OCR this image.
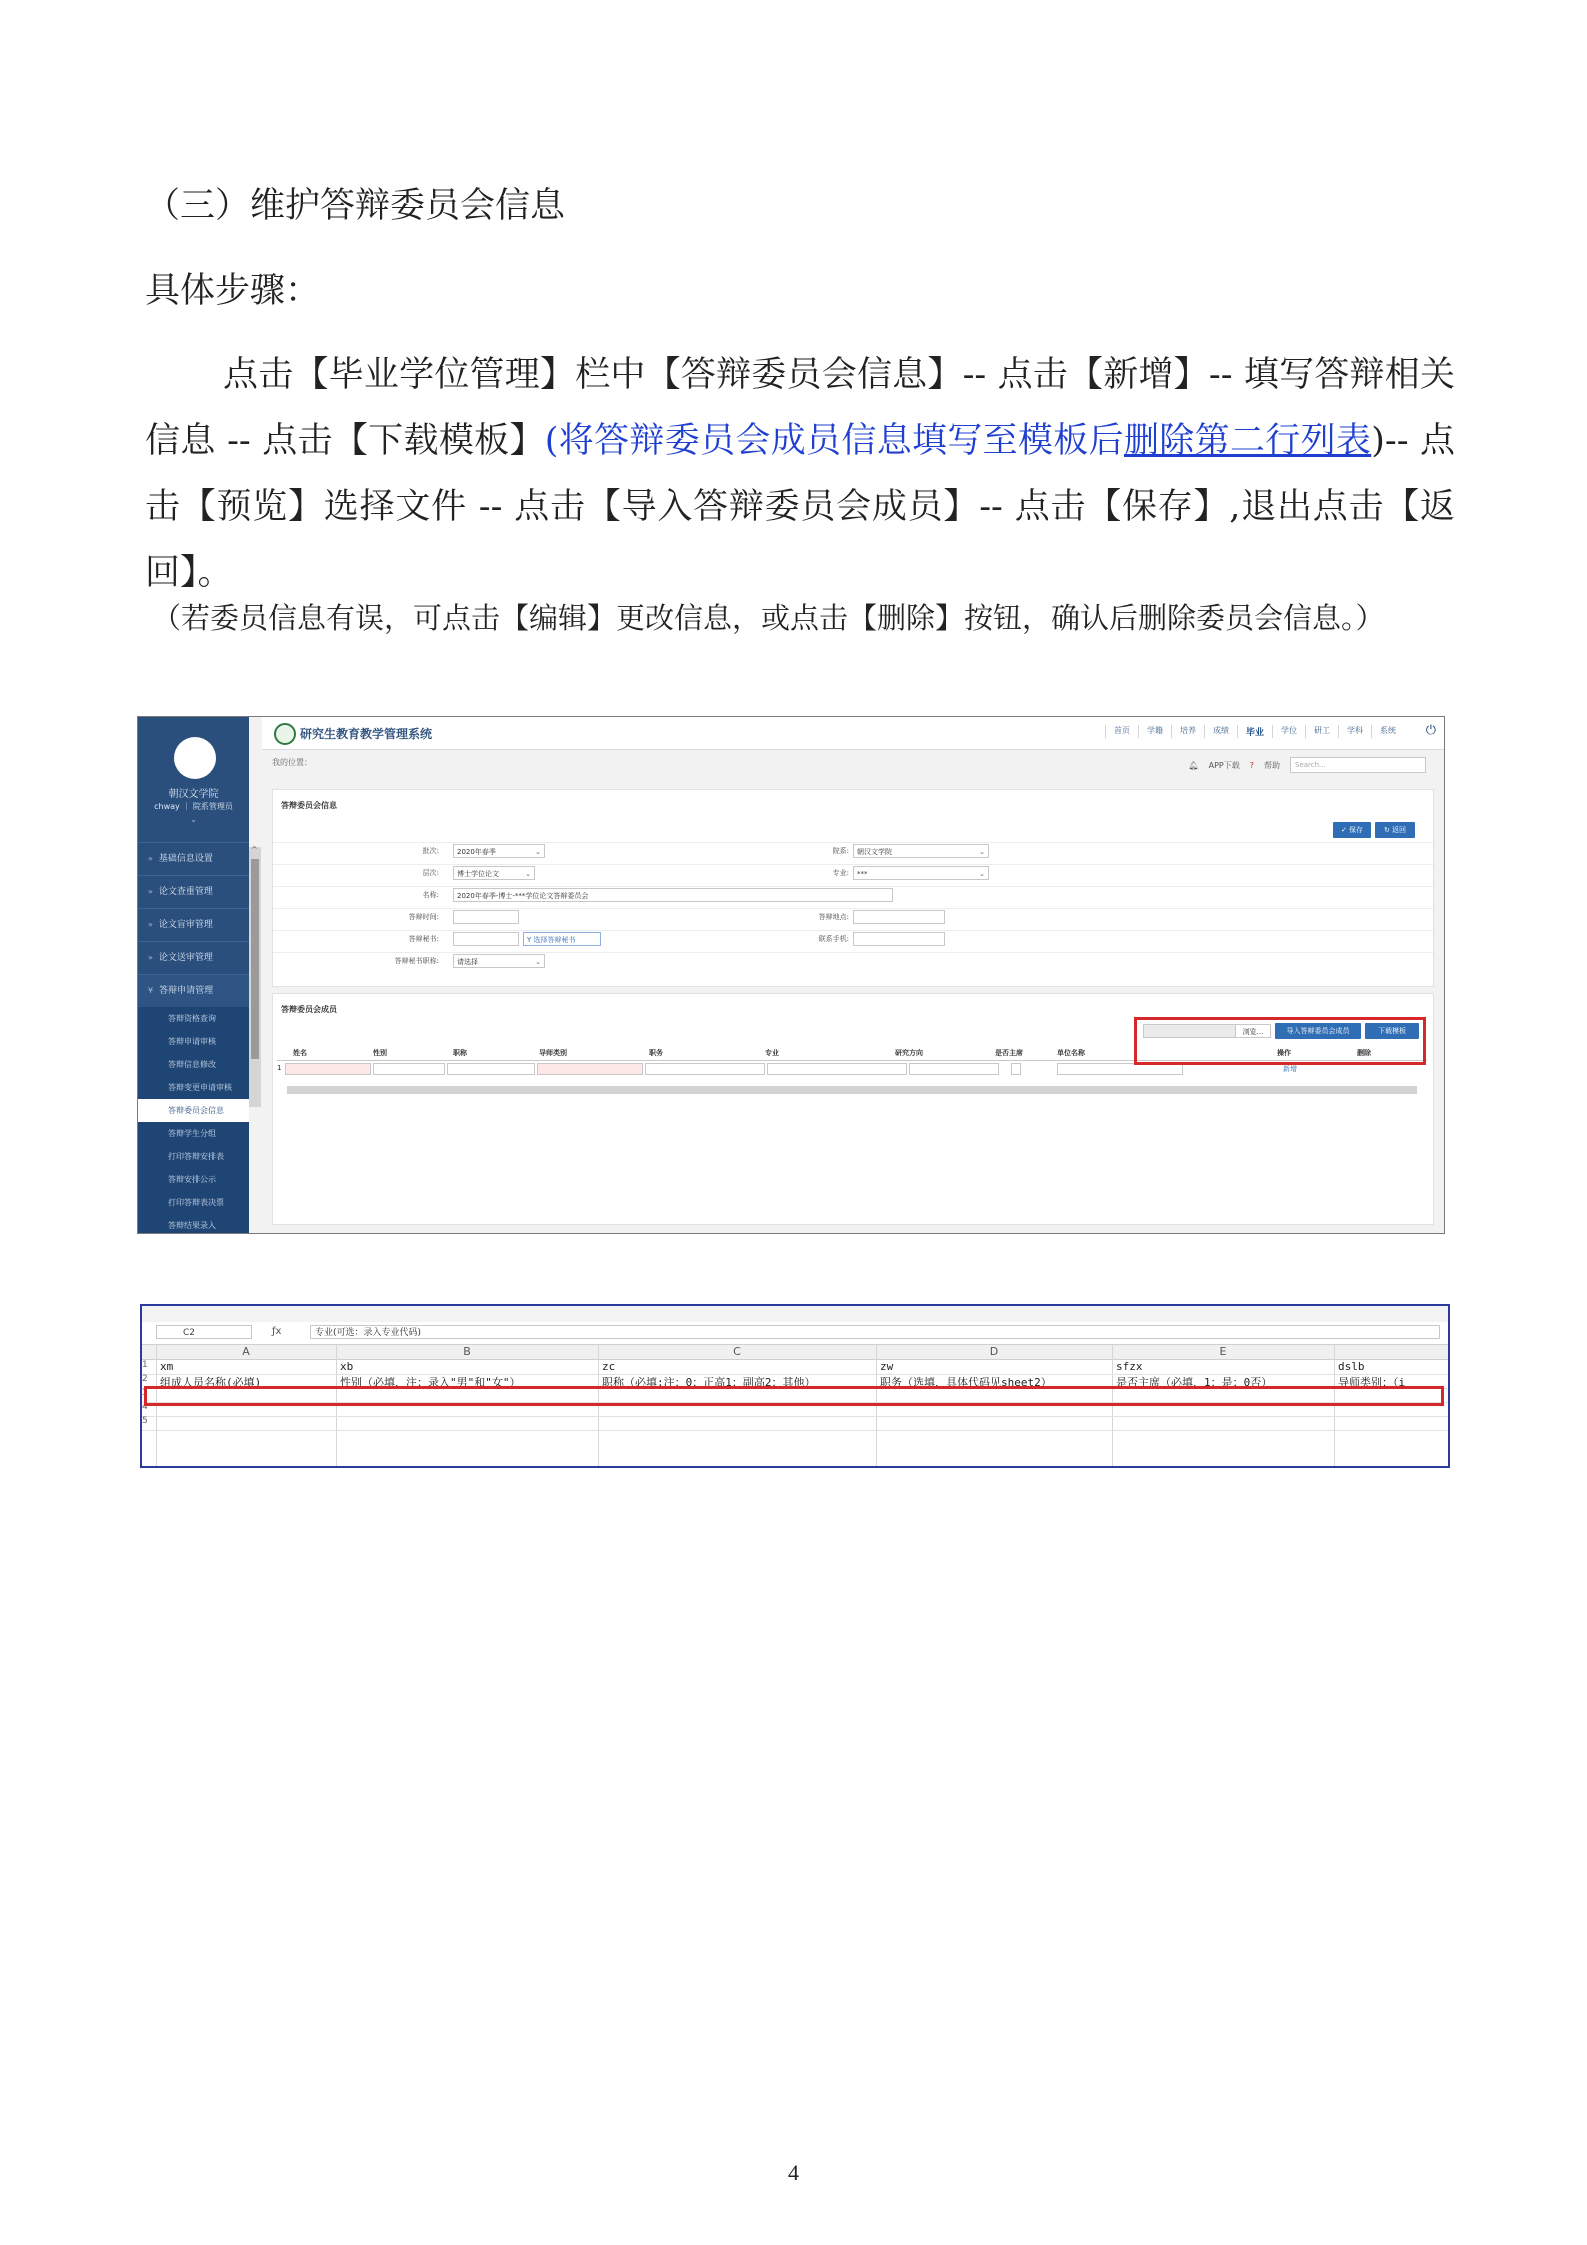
（三）维护答辩委员会信息

具体步骤：

点击【毕业学位管理】栏中【答辩委员会信息】-- 点击【新增】-- 填写答辩相关信息 -- 点击【下载模板】(将答辩委员会成员信息填写至模板后删除第二行列表)-- 点击【预览】选择文件 -- 点击【导入答辩委员会成员】-- 点击【保存】,退出点击【返回】。

（若委员信息有误，可点击【编辑】更改信息，或点击【删除】按钮，确认后删除委员会信息。）

朝汉文学院
chway ｜ 院系管理员
⌄
» 基础信息设置
» 论文查重管理
» 论文盲审管理
» 论文送审管理
¥ 答辩申请管理
答辩资格查询
答辩申请审核
答辩信息修改
答辩变更申请审核
答辩委员会信息
答辩学生分组
打印答辩安排表
答辩安排公示
打印答辩表决票
答辩结果录入
^
研究生教育教学管理系统	首页	学籍	培养	成绩	毕业	学位	研工	学科	系统	⏻
我的位置：	🔔︎ APP下载 ? 帮助	Search...
答辩委员会信息
✓ 保存	↻ 返回
批次:	2020年春季	⌄	院系:	朝汉文学院	⌄
层次:	博士学位论文	⌄	专业:	***	⌄
名称:	2020年春季-博士-***学位论文答辩委员会
答辩时间:	答辩地点:
答辩秘书:	Y 选择答辩秘书	联系手机:
答辩秘书职称:	请选择	⌄
答辩委员会成员
浏览...	导入答辩委员会成员	下载模板
姓名	性别	职称	导师类别	职务	专业	研究方向	是否主席	单位名称	操作	删除
1	新增
C2	ƒx	专业(可选：录入专业代码)
A	B	C	D	E
1	xm	xb	zc	zw	sfzx	dslb
2	组成人员名称(必填)	性别（必填，注：录入"男"和"女"）	职称（必填;注：0：正高1：副高2：其他）	职务（选填，具体代码见sheet2）	是否主席（必填，1：是；0否）	导师类别：（i
3
4
5
4
